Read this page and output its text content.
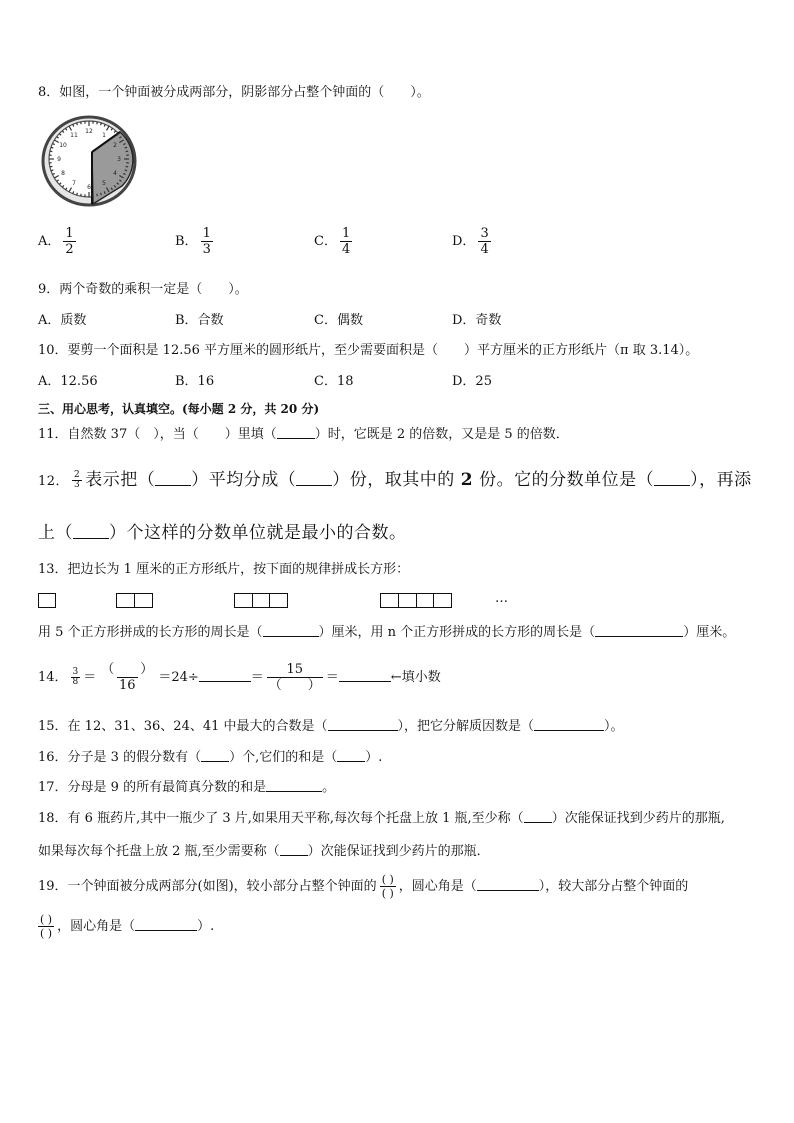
8．如图，一个钟面被分成两部分，阴影部分占整个钟面的（　　）。
12
1
2
3
4
5
6
7
8
9
10
11
A． $\frac{1}{2}$	B． $\frac{1}{3}$	C． $\frac{1}{4}$	D． $\frac{3}{4}$
9．两个奇数的乘积一定是（　　）。
A．质数	B．合数	C．偶数	D．奇数
10．要剪一个面积是 12.56 平方厘米的圆形纸片，至少需要面积是（　　）平方厘米的正方形纸片（π 取 3.14）。
A．12.56	B．16	C．18	D．25
三、用心思考，认真填空。(每小题 2 分，共 20 分)
11．自然数 37（　），当（　　）里填（	）时，它既是 2 的倍数，又是是 5 的倍数．
12． $\frac{2}{3}$ 表示把（ ）平均分成（ ）份，取其中的 2 份。它的分数单位是（ ），再添
上（ ）个这样的分数单位就是最小的合数。
13．把边长为 1 厘米的正方形纸片，按下面的规律拼成长方形：
…
用 5 个正方形拼成的长方形的周长是（	）厘米，用 n 个正方形拼成的长方形的周长是（	）厘米。
14． $\frac{3}{8} = \frac{( )}{16} =24\div$	＝ $\frac{15}{( )}$ ＝	←填小数
15．在 12、31、36、24、41 中最大的合数是（	），把它分解质因数是（	）。
16．分子是 3 的假分数有（ ）个,它们的和是（ ）.
17．分母是 9 的所有最简真分数的和是	。
18．有 6 瓶药片,其中一瓶少了 3 片,如果用天平称,每次每个托盘上放 1 瓶,至少称（ ）次能保证找到少药片的那瓶,
如果每次每个托盘上放 2 瓶,至少需要称（ ）次能保证找到少药片的那瓶．
19．一个钟面被分成两部分(如图)，较小部分占整个钟面的 $\frac{( )}{( )}$ ，圆心角是（	），较大部分占整个钟面的
$\frac{( )}{( )}$ ，圆心角是（	）.
